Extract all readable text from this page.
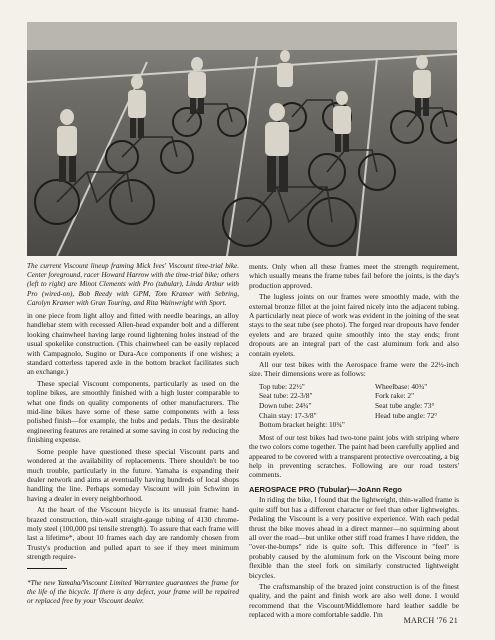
The current Viscount lineup framing Mick Ives' Viscount time-trial bike. Center foreground, racer Howard Harrow with the time-trial bike; others (left to right) are Minot Clements with Pro (tubular), Linda Arthur with Pro (wired-on), Bob Reedy with GPM, Tom Kramer with Sebring, Carolyn Kramer with Gran Touring, and Rita Wainwright with Sport.

in one piece from light alloy and fitted with needle bearings, an alloy handlebar stem with recessed Allen-head expander bolt and a different looking chainwheel having large round lightening holes instead of the usual spokelike construction. (This chainwheel can be easily replaced with Campagnolo, Sugino or Dura-Ace components if one wishes; a standard cotterless tapered axle in the bottom bracket facilitates such an exchange.)

These special Viscount components, particularly as used on the topline bikes, are smoothly finished with a high luster comparable to what one finds on quality components of other manufacturers. The mid-line bikes have some of these same components with a less polished finish—for example, the hubs and pedals. Thus the desirable engineering features are retained at some saving in cost by reducing the finishing expense.

Some people have questioned these special Viscount parts and wondered at the availability of replacements. There shouldn't be too much trouble, particularly in the future. Yamaha is expanding their dealer network and aims at eventually having hundreds of local shops handling the line. Perhaps someday Viscount will join Schwinn in having a dealer in every neighborhood.

At the heart of the Viscount bicycle is its unusual frame: hand-brazed construction, thin-wall straight-gauge tubing of 4130 chrome-moly steel (100,000 psi tensile strength). To assure that each frame will last a lifetime*, about 10 frames each day are randomly chosen from Trusty's production and pulled apart to see if they meet minimum strength require-

*The new Yamaha/Viscount Limited Warrantee guarantees the frame for the life of the bicycle. If there is any defect, your frame will be repaired or replaced free by your Viscount dealer.

ments. Only when all these frames meet the strength requirement, which usually means the frame tubes fail before the joints, is the day's production approved.

The lugless joints on our frames were smoothly made, with the external bronze fillet at the joint faired nicely into the adjacent tubing. A particularly neat piece of work was evident in the joining of the seat stays to the seat tube (see photo). The forged rear dropouts have fender eyelets and are brazed quite smoothly into the stay ends; front dropouts are an integral part of the cast aluminum fork and also contain eyelets.

All our test bikes with the Aerospace frame were the 22½-inch size. Their dimensions were as follows:

Top tube: 22½"	Wheelbase: 40¾"
Seat tube: 22-3/8"	Fork rake: 2"
Down tube: 24¾"	Seat tube angle: 73°
Chain stay: 17-3/8"	Head tube angle: 72°
Bottom bracket height: 10¾"

Most of our test bikes had two-tone paint jobs with striping where the two colors come together. The paint had been carefully applied and appeared to be covered with a transparent protective overcoating, a big help in preventing scratches. Following are our road testers' comments.

AEROSPACE PRO (Tubular)—JoAnn Rego

In riding the bike, I found that the lightweight, thin-walled frame is quite stiff but has a different character or feel than other lightweights. Pedaling the Viscount is a very positive experience. With each pedal thrust the bike moves ahead in a direct manner—no squirming about all over the road—but unlike other stiff road frames I have ridden, the "over-the-bumps" ride is quite soft. This difference in "feel" is probably caused by the aluminum fork on the Viscount being more flexible than the steel fork on similarly constructed lightweight bicycles.

The craftsmanship of the brazed joint construction is of the finest quality, and the paint and finish work are also well done. I would recommend that the Viscount/Middlemore hard leather saddle be replaced with a more comfortable saddle. I'm

MARCH '76 21
